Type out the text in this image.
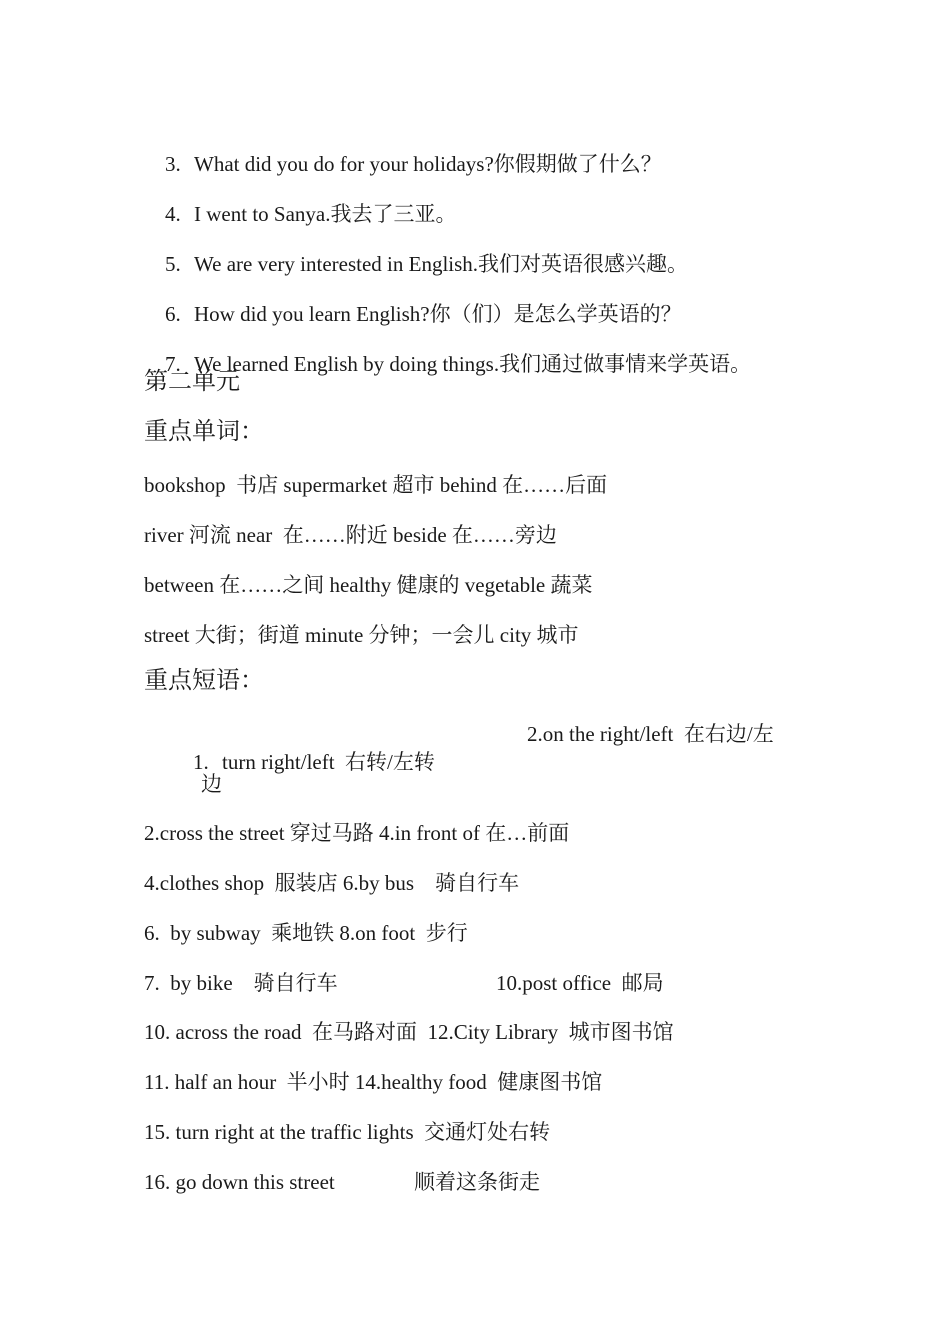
3. What did you do for your holidays?你假期做了什么？

4. I went to Sanya.我去了三亚。

5. We are very interested in English.我们对英语很感兴趣。

6. How did you learn English?你（们）是怎么学英语的？

7. We learned English by doing things.我们通过做事情来学英语。

第二单元
重点单词：
bookshop  书店 supermarket 超市 behind 在……后面
river 河流 near  在……附近 beside 在……旁边
between 在……之间 healthy 健康的 vegetable 蔬菜
street 大街；街道 minute 分钟；一会儿 city 城市
重点短语：

1. turn right/left  右转/左转

2.on the right/left  在右边/左
边
2.cross the street 穿过马路 4.in front of 在…前面
4.clothes shop  服装店 6.by bus    骑自行车
6.  by subway  乘地铁 8.on foot  步行
7.  by bike    骑自行车	10.post office  邮局
10. across the road  在马路对面  12.City Library  城市图书馆
11. half an hour  半小时 14.healthy food  健康图书馆
15. turn right at the traffic lights  交通灯处右转
16. go down this street	顺着这条街走
